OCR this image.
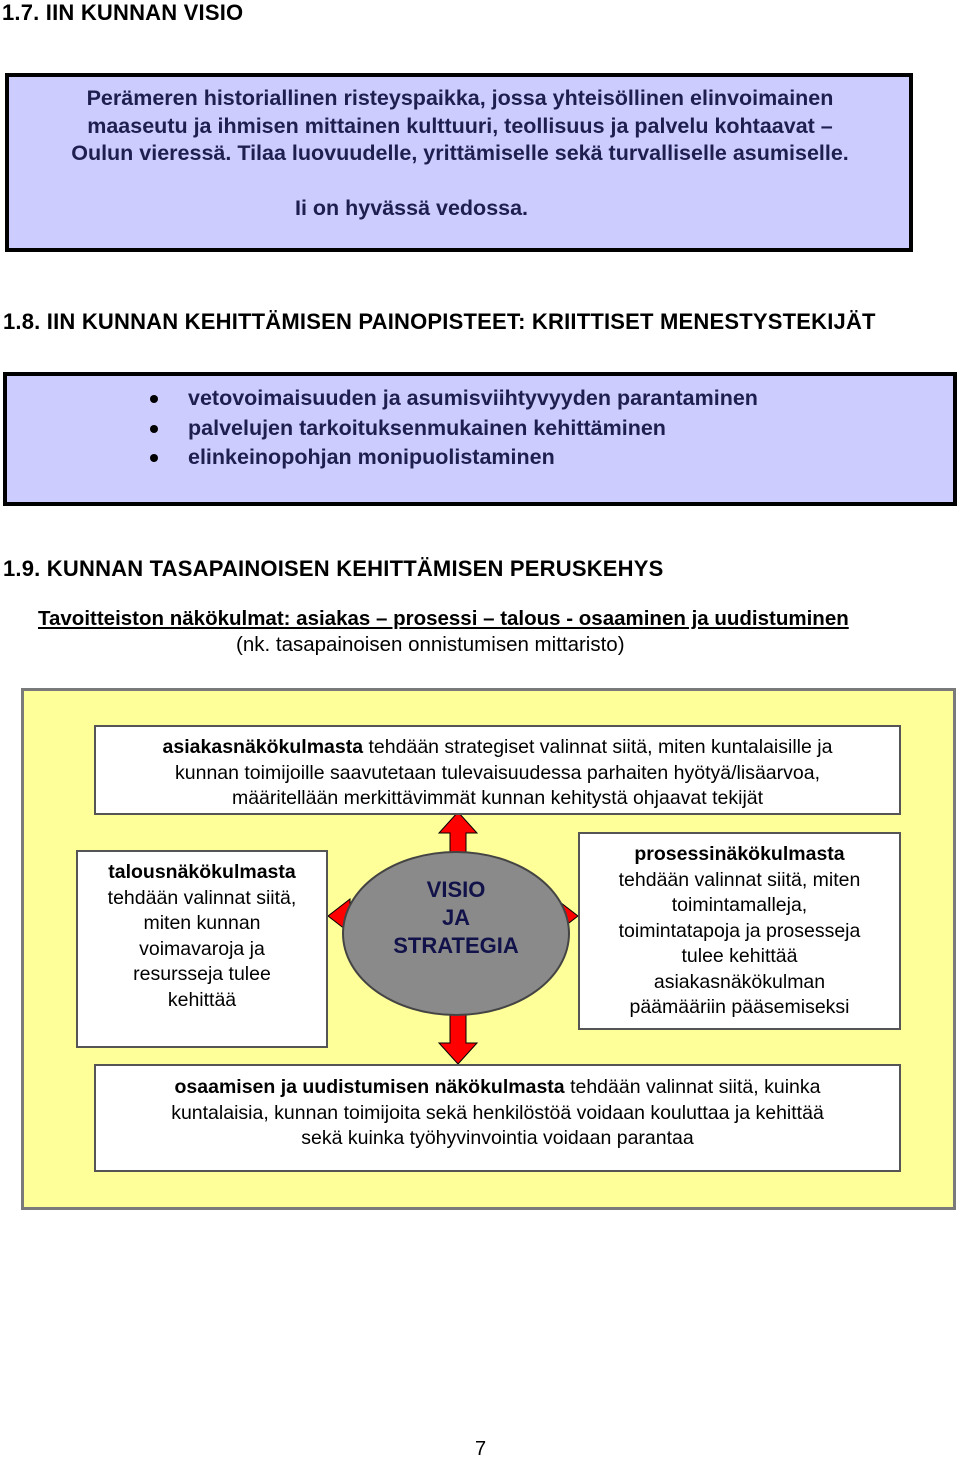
1.7. IIN KUNNAN VISIO
Perämeren historiallinen risteyspaikka, jossa yhteisöllinen elinvoimainen
maaseutu ja ihmisen mittainen kulttuuri, teollisuus ja palvelu kohtaavat –
Oulun vieressä. Tilaa luovuudelle, yrittämiselle sekä turvalliselle asumiselle.
Ii on hyvässä vedossa.
1.8. IIN KUNNAN KEHITTÄMISEN PAINOPISTEET: KRIITTISET MENESTYSTEKIJÄT
vetovoimaisuuden ja asumisviihtyvyyden parantaminen
palvelujen tarkoituksenmukainen kehittäminen
elinkeinopohjan monipuolistaminen
1.9. KUNNAN TASAPAINOISEN KEHITTÄMISEN PERUSKEHYS
Tavoitteiston näkökulmat: asiakas – prosessi – talous - osaaminen ja uudistuminen
(nk. tasapainoisen onnistumisen mittaristo)
asiakasnäkökulmasta tehdään strategiset valinnat siitä, miten kuntalaisille ja
kunnan toimijoille saavutetaan tulevaisuudessa parhaiten hyötyä/lisäarvoa,
määritellään merkittävimmät kunnan kehitystä ohjaavat tekijät
talousnäkökulmasta
tehdään valinnat siitä,
miten kunnan
voimavaroja ja
resursseja tulee
kehittää
VISIO
JA
STRATEGIA
prosessinäkökulmasta
tehdään valinnat siitä, miten
toimintamalleja,
toimintatapoja ja prosesseja
tulee kehittää
asiakasnäkökulman
päämääriin pääsemiseksi
osaamisen ja uudistumisen näkökulmasta tehdään valinnat siitä, kuinka
kuntalaisia, kunnan toimijoita sekä henkilöstöä voidaan kouluttaa ja kehittää
sekä kuinka työhyvinvointia voidaan parantaa
7
